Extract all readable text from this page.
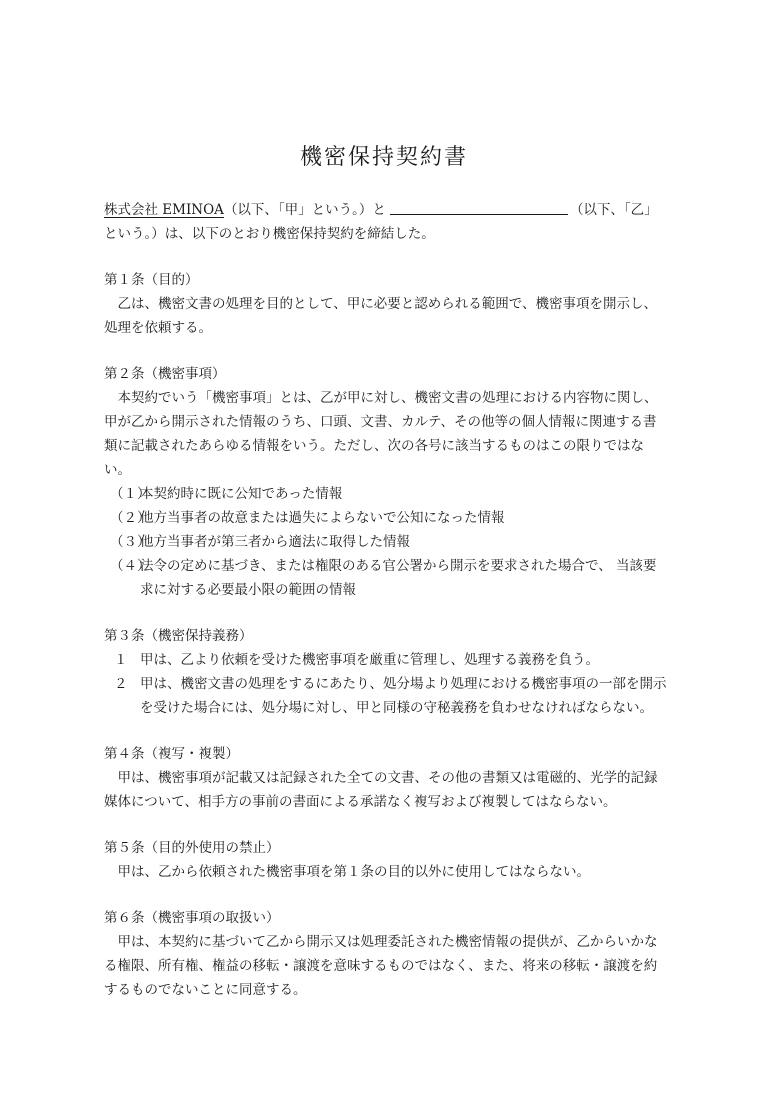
機密保持契約書

株式会社 EMINOA（以下、「甲」という。）と	（以下、「乙」という。）は、以下のとおり機密保持契約を締結した。

第１条（目的）

乙は、機密文書の処理を目的として、甲に必要と認められる範囲で、機密事項を開示し、処理を依頼する。

第２条（機密事項）

本契約でいう「機密事項」とは、乙が甲に対し、機密文書の処理における内容物に関し、甲が乙から開示された情報のうち、口頭、文書、カルテ、その他等の個人情報に関連する書類に記載されたあらゆる情報をいう。ただし、次の各号に該当するものはこの限りではない。

（１）
本契約時に既に公知であった情報
（２）
他方当事者の故意または過失によらないで公知になった情報
（３）
他方当事者が第三者から適法に取得した情報
（４）
法令の定めに基づき、または権限のある官公署から開示を要求された場合で、 当該要求に対する必要最小限の範囲の情報
第３条（機密保持義務）
１ 甲は、乙より依頼を受けた機密事項を厳重に管理し、処理する義務を負う。
２ 甲は、機密文書の処理をするにあたり、処分場より処理における機密事項の一部を開示を受けた場合には、処分場に対し、甲と同様の守秘義務を負わせなければならない。
第４条（複写・複製）

甲は、機密事項が記載又は記録された全ての文書、その他の書類又は電磁的、光学的記録媒体について、相手方の事前の書面による承諾なく複写および複製してはならない。

第５条（目的外使用の禁止）

甲は、乙から依頼された機密事項を第１条の目的以外に使用してはならない。

第６条（機密事項の取扱い）

甲は、本契約に基づいて乙から開示又は処理委託された機密情報の提供が、乙からいかなる権限、所有権、権益の移転・譲渡を意味するものではなく、また、将来の移転・譲渡を約するものでないことに同意する。
